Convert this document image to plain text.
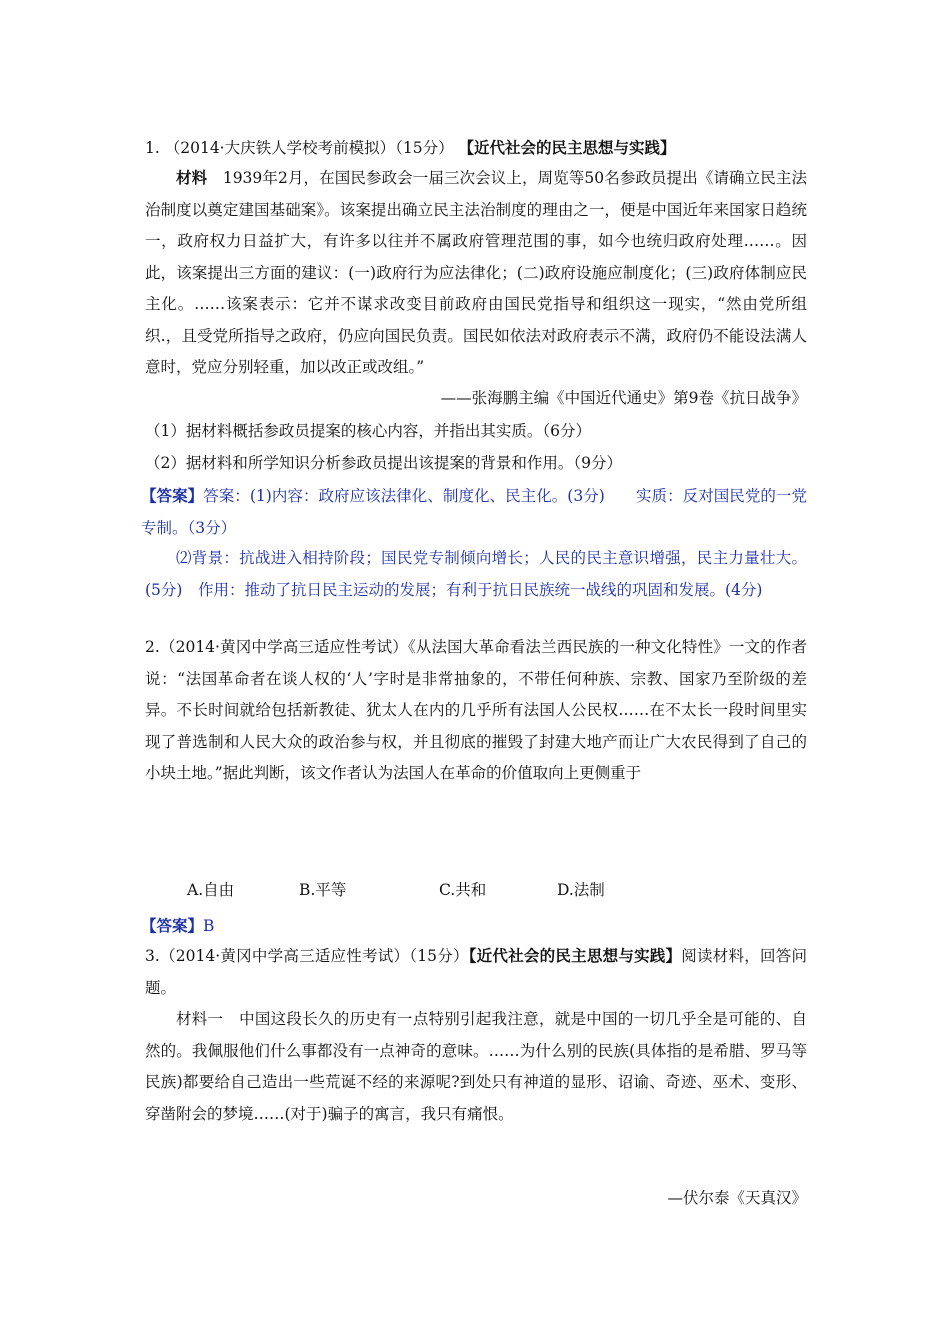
1. （2014·大庆铁人学校考前模拟）（15分） 【近代社会的民主思想与实践】
材料　 1939年2月，在国民参政会一届三次会议上，周览等50名参政员提出《请确立民主法治制度以奠定建国基础案》。该案提出确立民主法治制度的理由之一，便是中国近年来国家日趋统一，政府权力日益扩大，有许多以往并不属政府管理范围的事，如今也统归政府处理……。因此，该案提出三方面的建议：(一)政府行为应法律化；(二)政府设施应制度化；(三)政府体制应民主化。……该案表示：它并不谋求改变目前政府由国民党指导和组织这一现实，“然由党所组织.，且受党所指导之政府，仍应向国民负责。国民如依法对政府表示不满，政府仍不能设法满人意时，党应分别轻重，加以改正或改组。”
——张海鹏主编《中国近代通史》第9卷《抗日战争》
（1）据材料概括参政员提案的核心内容，并指出其实质。（6分）
（2）据材料和所学知识分析参政员提出该提案的背景和作用。（9分）
【答案】答案：(1)内容：政府应该法律化、制度化、民主化。(3分)　　实质：反对国民党的一党专制。（3分）
⑵背景：抗战进入相持阶段；国民党专制倾向增长；人民的民主意识增强，民主力量壮大。(5分)　作用：推动了抗日民主运动的发展；有利于抗日民族统一战线的巩固和发展。(4分)
2.（2014·黄冈中学高三适应性考试）《从法国大革命看法兰西民族的一种文化特性》一文的作者说：“法国革命者在谈人权的‘人’字时是非常抽象的，不带任何种族、宗教、国家乃至阶级的差异。不长时间就给包括新教徒、犹太人在内的几乎所有法国人公民权……在不太长一段时间里实现了普选制和人民大众的政治参与权，并且彻底的摧毁了封建大地产而让广大农民得到了自己的小块土地。”据此判断，该文作者认为法国人在革命的价值取向上更侧重于
A.自由	B.平等	C.共和	D.法制
【答案】B
3.（2014·黄冈中学高三适应性考试）（15分）【近代社会的民主思想与实践】阅读材料，回答问题。
材料一　 中国这段长久的历史有一点特别引起我注意，就是中国的一切几乎全是可能的、自然的。我佩服他们什么事都没有一点神奇的意味。……为什么别的民族(具体指的是希腊、罗马等民族)都要给自己造出一些荒诞不经的来源呢?到处只有神道的显形、诏谕、奇迹、巫术、变形、穿凿附会的梦境……(对于)骗子的寓言，我只有痛恨。
—伏尔泰《天真汉》
